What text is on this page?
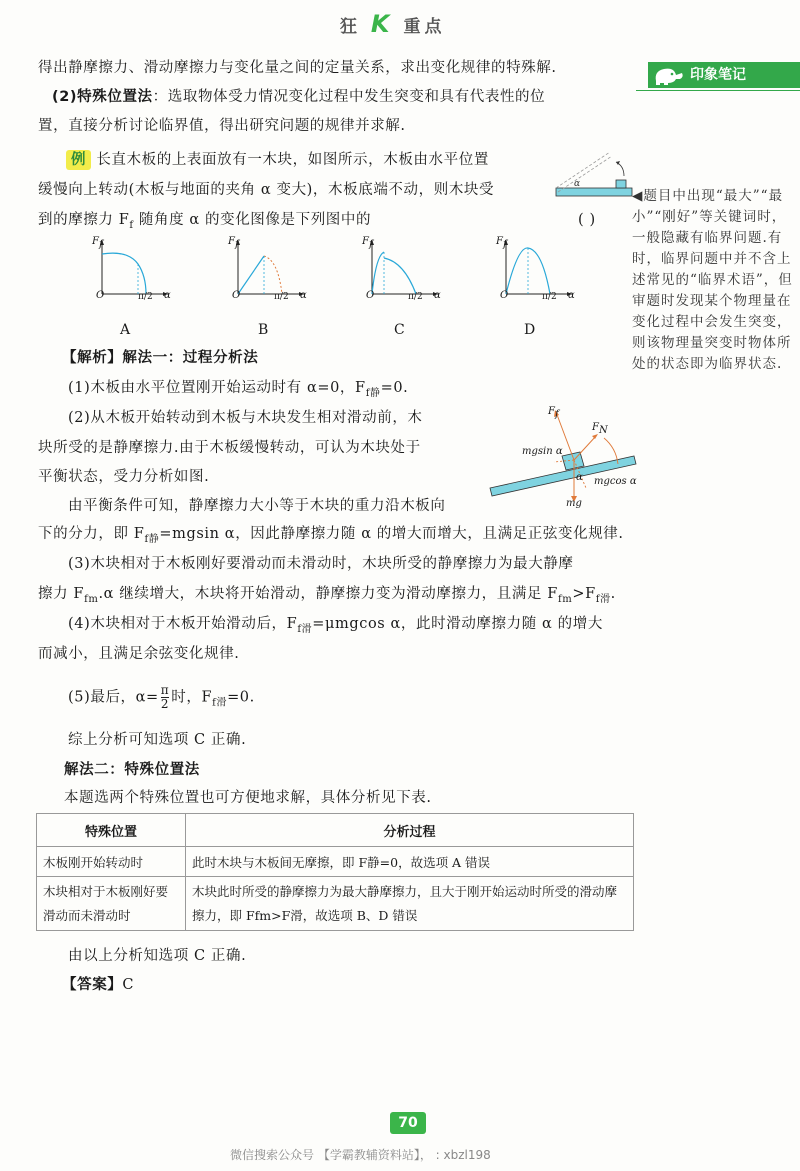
狂 K 重点
印象笔记
得出静摩擦力、滑动摩擦力与变化量之间的定量关系，求出变化规律的特殊解.
(2)特殊位置法：选取物体受力情况变化过程中发生突变和具有代表性的位
置，直接分析讨论临界值，得出研究问题的规律并求解.
例 长直木板的上表面放有一木块，如图所示，木板由水平位置
缓慢向上转动(木板与地面的夹角 α 变大)，木板底端不动，则木块受
到的摩擦力 $F_f$ 随角度 α 的变化图像是下列图中的
α
( )
◀题目中出现“最大”“最小”“刚好”等关键词时，一般隐藏有临界问题.有时，临界问题中并不含上述常见的“临界术语”，但审题时发现某个物理量在变化过程中会发生突变，则该物理量突变时物体所处的状态即为临界状态.
$F_f$
O	π/2 α
$F_f$
O	π/2 α
$F_f$
O	π/2 α
$F_f$
O	π/2 α
A	B	C	D
【解析】解法一：过程分析法
(1)木板由水平位置刚开始运动时有 α=0，$F_{f静}=0$.
(2)从木板开始转动到木板与木块发生相对滑动前，木
块所受的是静摩擦力.由于木板缓慢转动，可认为木块处于
平衡状态，受力分析如图.
由平衡条件可知，静摩擦力大小等于木块的重力沿木板向
下的分力，即 $F_{f静}=mgsin$ α，因此静摩擦力随 α 的增大而增大，且满足正弦变化规律.
(3)木块相对于木板刚好要滑动而未滑动时，木块所受的静摩擦力为最大静摩
擦力 $F_{fm}.\alpha$ 继续增大，木块将开始滑动，静摩擦力变为滑动摩擦力，且满足 $F_{fm}>F_{f滑}$.
(4)木块相对于木板开始滑动后，$F_{f滑}=\mu mgcos$ α，此时滑动摩擦力随 α 的增大
而减小，且满足余弦变化规律.
(5)最后，$\alpha= \frac{\pi}{2}$ 时，$F_{f滑}=0$.
综上分析可知选项 C 正确.
解法二：特殊位置法
本题选两个特殊位置也可方便地求解，具体分析见下表.
$F_f$
$F_N$
mgsin α
mgcos α
mg
α
特殊位置	分析过程
木板刚开始转动时	此时木块与木板间无摩擦，即 F静=0，故选项 A 错误
木块相对于木板刚好要滑动而未滑动时	木块此时所受的静摩擦力为最大静摩擦力，且大于刚开始运动时所受的滑动摩擦力，即 Ffm>F滑，故选项 B、D 错误
由以上分析知选项 C 正确.
【答案】C
70
微信搜索公众号 【学霸教辅资料站】， : xbzl198
